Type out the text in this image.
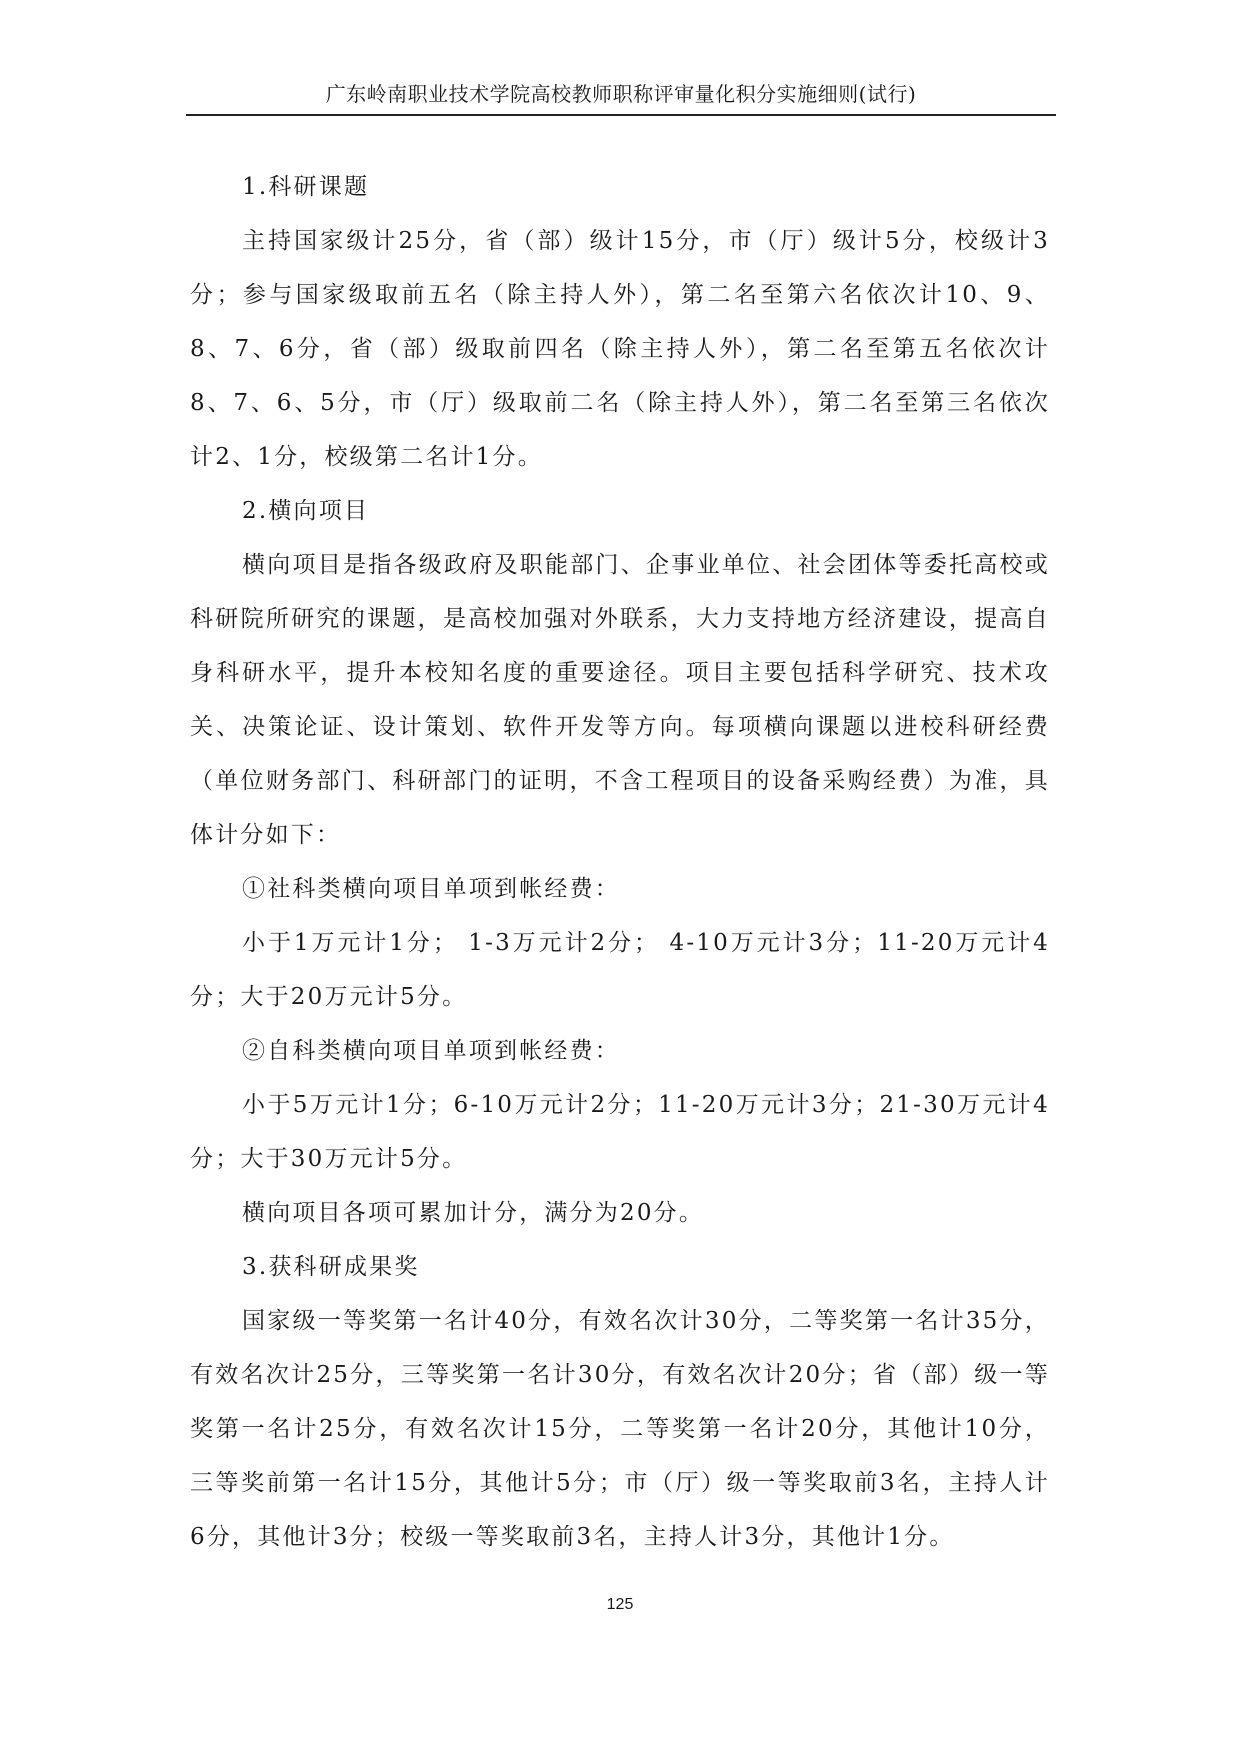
广东岭南职业技术学院高校教师职称评审量化积分实施细则(试行)

1.科研课题

主持国家级计25分，省（部）级计15分，市（厅）级计5分，校级计3分；参与国家级取前五名（除主持人外），第二名至第六名依次计10、9、8、7、6分，省（部）级取前四名（除主持人外），第二名至第五名依次计8、7、6、5分，市（厅）级取前二名（除主持人外），第二名至第三名依次计2、1分，校级第二名计1分。

2.横向项目

横向项目是指各级政府及职能部门、企事业单位、社会团体等委托高校或科研院所研究的课题，是高校加强对外联系，大力支持地方经济建设，提高自身科研水平，提升本校知名度的重要途径。项目主要包括科学研究、技术攻关、决策论证、设计策划、软件开发等方向。每项横向课题以进校科研经费（单位财务部门、科研部门的证明，不含工程项目的设备采购经费）为准，具体计分如下：

①社科类横向项目单项到帐经费：

小于1万元计1分； 1-3万元计2分； 4-10万元计3分；11-20万元计4分；大于20万元计5分。

②自科类横向项目单项到帐经费：

小于5万元计1分；6-10万元计2分；11-20万元计3分；21-30万元计4分；大于30万元计5分。

横向项目各项可累加计分，满分为20分。

3.获科研成果奖

国家级一等奖第一名计40分，有效名次计30分，二等奖第一名计35分，有效名次计25分，三等奖第一名计30分，有效名次计20分；省（部）级一等奖第一名计25分，有效名次计15分，二等奖第一名计20分，其他计10分，三等奖前第一名计15分，其他计5分；市（厅）级一等奖取前3名，主持人计6分，其他计3分；校级一等奖取前3名，主持人计3分，其他计1分。

125
